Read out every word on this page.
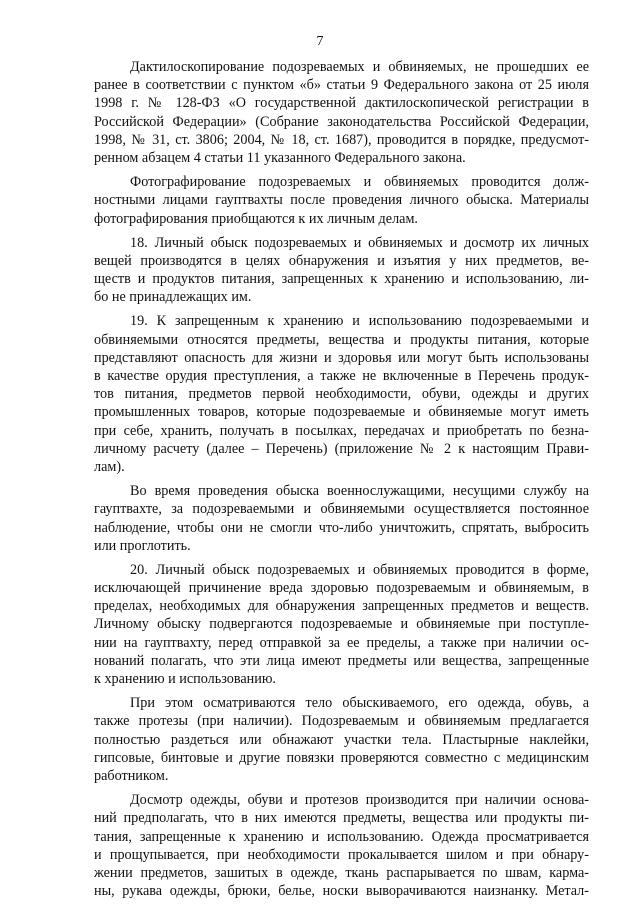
7
Дактилоскопирование подозреваемых и обвиняемых, не прошедших ее
ранее в соответствии с пунктом «б» статьи 9 Федерального закона от 25 июля
1998 г. № 128-ФЗ «О государственной дактилоскопической регистрации в
Российской Федерации» (Собрание законодательства Российской Федерации,
1998, № 31, ст. 3806; 2004, № 18, ст. 1687), проводится в порядке, предусмот-
ренном абзацем 4 статьи 11 указанного Федерального закона.
Фотографирование подозреваемых и обвиняемых проводится долж-
ностными лицами гауптвахты после проведения личного обыска. Материалы
фотографирования приобщаются к их личным делам.
18. Личный обыск подозреваемых и обвиняемых и досмотр их личных
вещей производятся в целях обнаружения и изъятия у них предметов, ве-
ществ и продуктов питания, запрещенных к хранению и использованию, ли-
бо не принадлежащих им.
19. К запрещенным к хранению и использованию подозреваемыми и
обвиняемыми относятся предметы, вещества и продукты питания, которые
представляют опасность для жизни и здоровья или могут быть использованы
в качестве орудия преступления, а также не включенные в Перечень продук-
тов питания, предметов первой необходимости, обуви, одежды и других
промышленных товаров, которые подозреваемые и обвиняемые могут иметь
при себе, хранить, получать в посылках, передачах и приобретать по безна-
личному расчету (далее – Перечень) (приложение № 2 к настоящим Прави-
лам).
Во время проведения обыска военнослужащими, несущими службу на
гауптвахте, за подозреваемыми и обвиняемыми осуществляется постоянное
наблюдение, чтобы они не смогли что-либо уничтожить, спрятать, выбросить
или проглотить.
20. Личный обыск подозреваемых и обвиняемых проводится в форме,
исключающей причинение вреда здоровью подозреваемым и обвиняемым, в
пределах, необходимых для обнаружения запрещенных предметов и веществ.
Личному обыску подвергаются подозреваемые и обвиняемые при поступле-
нии на гауптвахту, перед отправкой за ее пределы, а также при наличии ос-
нований полагать, что эти лица имеют предметы или вещества, запрещенные
к хранению и использованию.
При этом осматриваются тело обыскиваемого, его одежда, обувь, а
также протезы (при наличии). Подозреваемым и обвиняемым предлагается
полностью раздеться или обнажают участки тела. Пластырные наклейки,
гипсовые, бинтовые и другие повязки проверяются совместно с медицинским
работником.
Досмотр одежды, обуви и протезов производится при наличии основа-
ний предполагать, что в них имеются предметы, вещества или продукты пи-
тания, запрещенные к хранению и использованию. Одежда просматривается
и прощупывается, при необходимости прокалывается шилом и при обнару-
жении предметов, зашитых в одежде, ткань распарывается по швам, карма-
ны, рукава одежды, брюки, белье, носки выворачиваются наизнанку. Метал-
